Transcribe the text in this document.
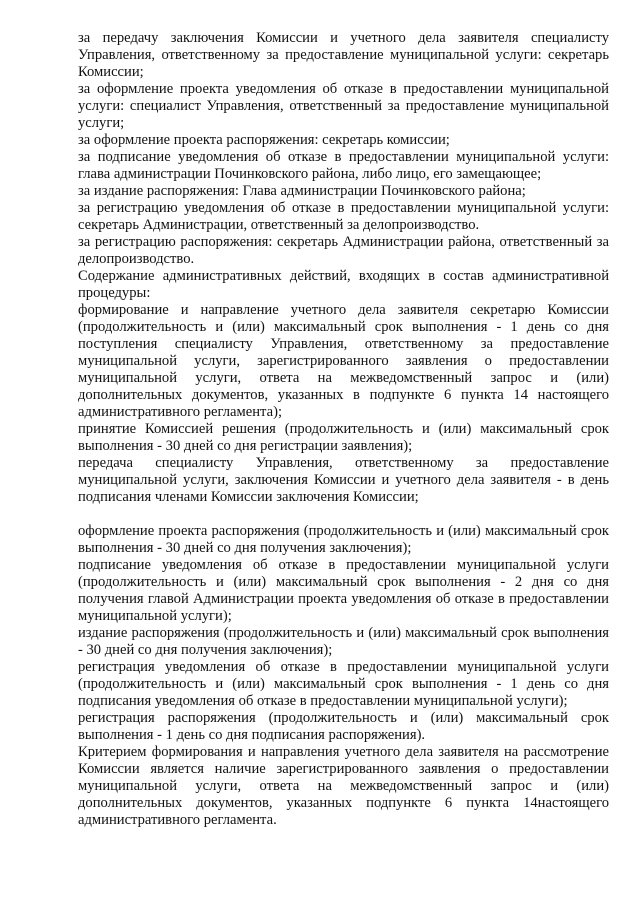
за передачу заключения Комиссии и учетного дела заявителя специалисту Управления, ответственному за предоставление муниципальной услуги: секретарь Комиссии;

за оформление проекта уведомления об отказе в предоставлении муниципальной услуги: специалист Управления, ответственный за предоставление муниципальной услуги;

за оформление проекта распоряжения: секретарь комиссии;

за подписание уведомления об отказе в предоставлении муниципальной услуги: глава администрации Починковского района, либо лицо, его замещающее;

за издание распоряжения: Глава администрации Починковского района;

за регистрацию уведомления об отказе в предоставлении муниципальной услуги: секретарь Администрации, ответственный за делопроизводство.

за регистрацию распоряжения: секретарь Администрации района, ответственный за делопроизводство.

Содержание административных действий, входящих в состав административной процедуры:

формирование и направление учетного дела заявителя секретарю Комиссии (продолжительность и (или) максимальный срок выполнения - 1 день со дня поступления специалисту Управления, ответственному за предоставление муниципальной услуги, зарегистрированного заявления о предоставлении муниципальной услуги, ответа на межведомственный запрос и (или) дополнительных документов, указанных в подпункте 6 пункта 14 настоящего административного регламента);

принятие Комиссией решения (продолжительность и (или) максимальный срок выполнения - 30 дней со дня регистрации заявления);

передача специалисту Управления, ответственному за предоставление муниципальной услуги, заключения Комиссии и учетного дела заявителя - в день подписания членами Комиссии заключения Комиссии;

оформление проекта распоряжения (продолжительность и (или) максимальный срок выполнения - 30 дней со дня получения заключения);

подписание уведомления об отказе в предоставлении муниципальной услуги (продолжительность и (или) максимальный срок выполнения - 2 дня со дня получения главой Администрации проекта уведомления об отказе в предоставлении муниципальной услуги);

издание распоряжения (продолжительность и (или) максимальный срок выполнения - 30 дней со дня получения заключения);

регистрация уведомления об отказе в предоставлении муниципальной услуги (продолжительность и (или) максимальный срок выполнения - 1 день со дня подписания уведомления об отказе в предоставлении муниципальной услуги);

регистрация распоряжения (продолжительность и (или) максимальный срок выполнения - 1 день со дня подписания распоряжения).

Критерием формирования и направления учетного дела заявителя на рассмотрение Комиссии является наличие зарегистрированного заявления о предоставлении муниципальной услуги, ответа на межведомственный запрос и (или) дополнительных документов, указанных подпункте 6 пункта 14настоящего административного регламента.
